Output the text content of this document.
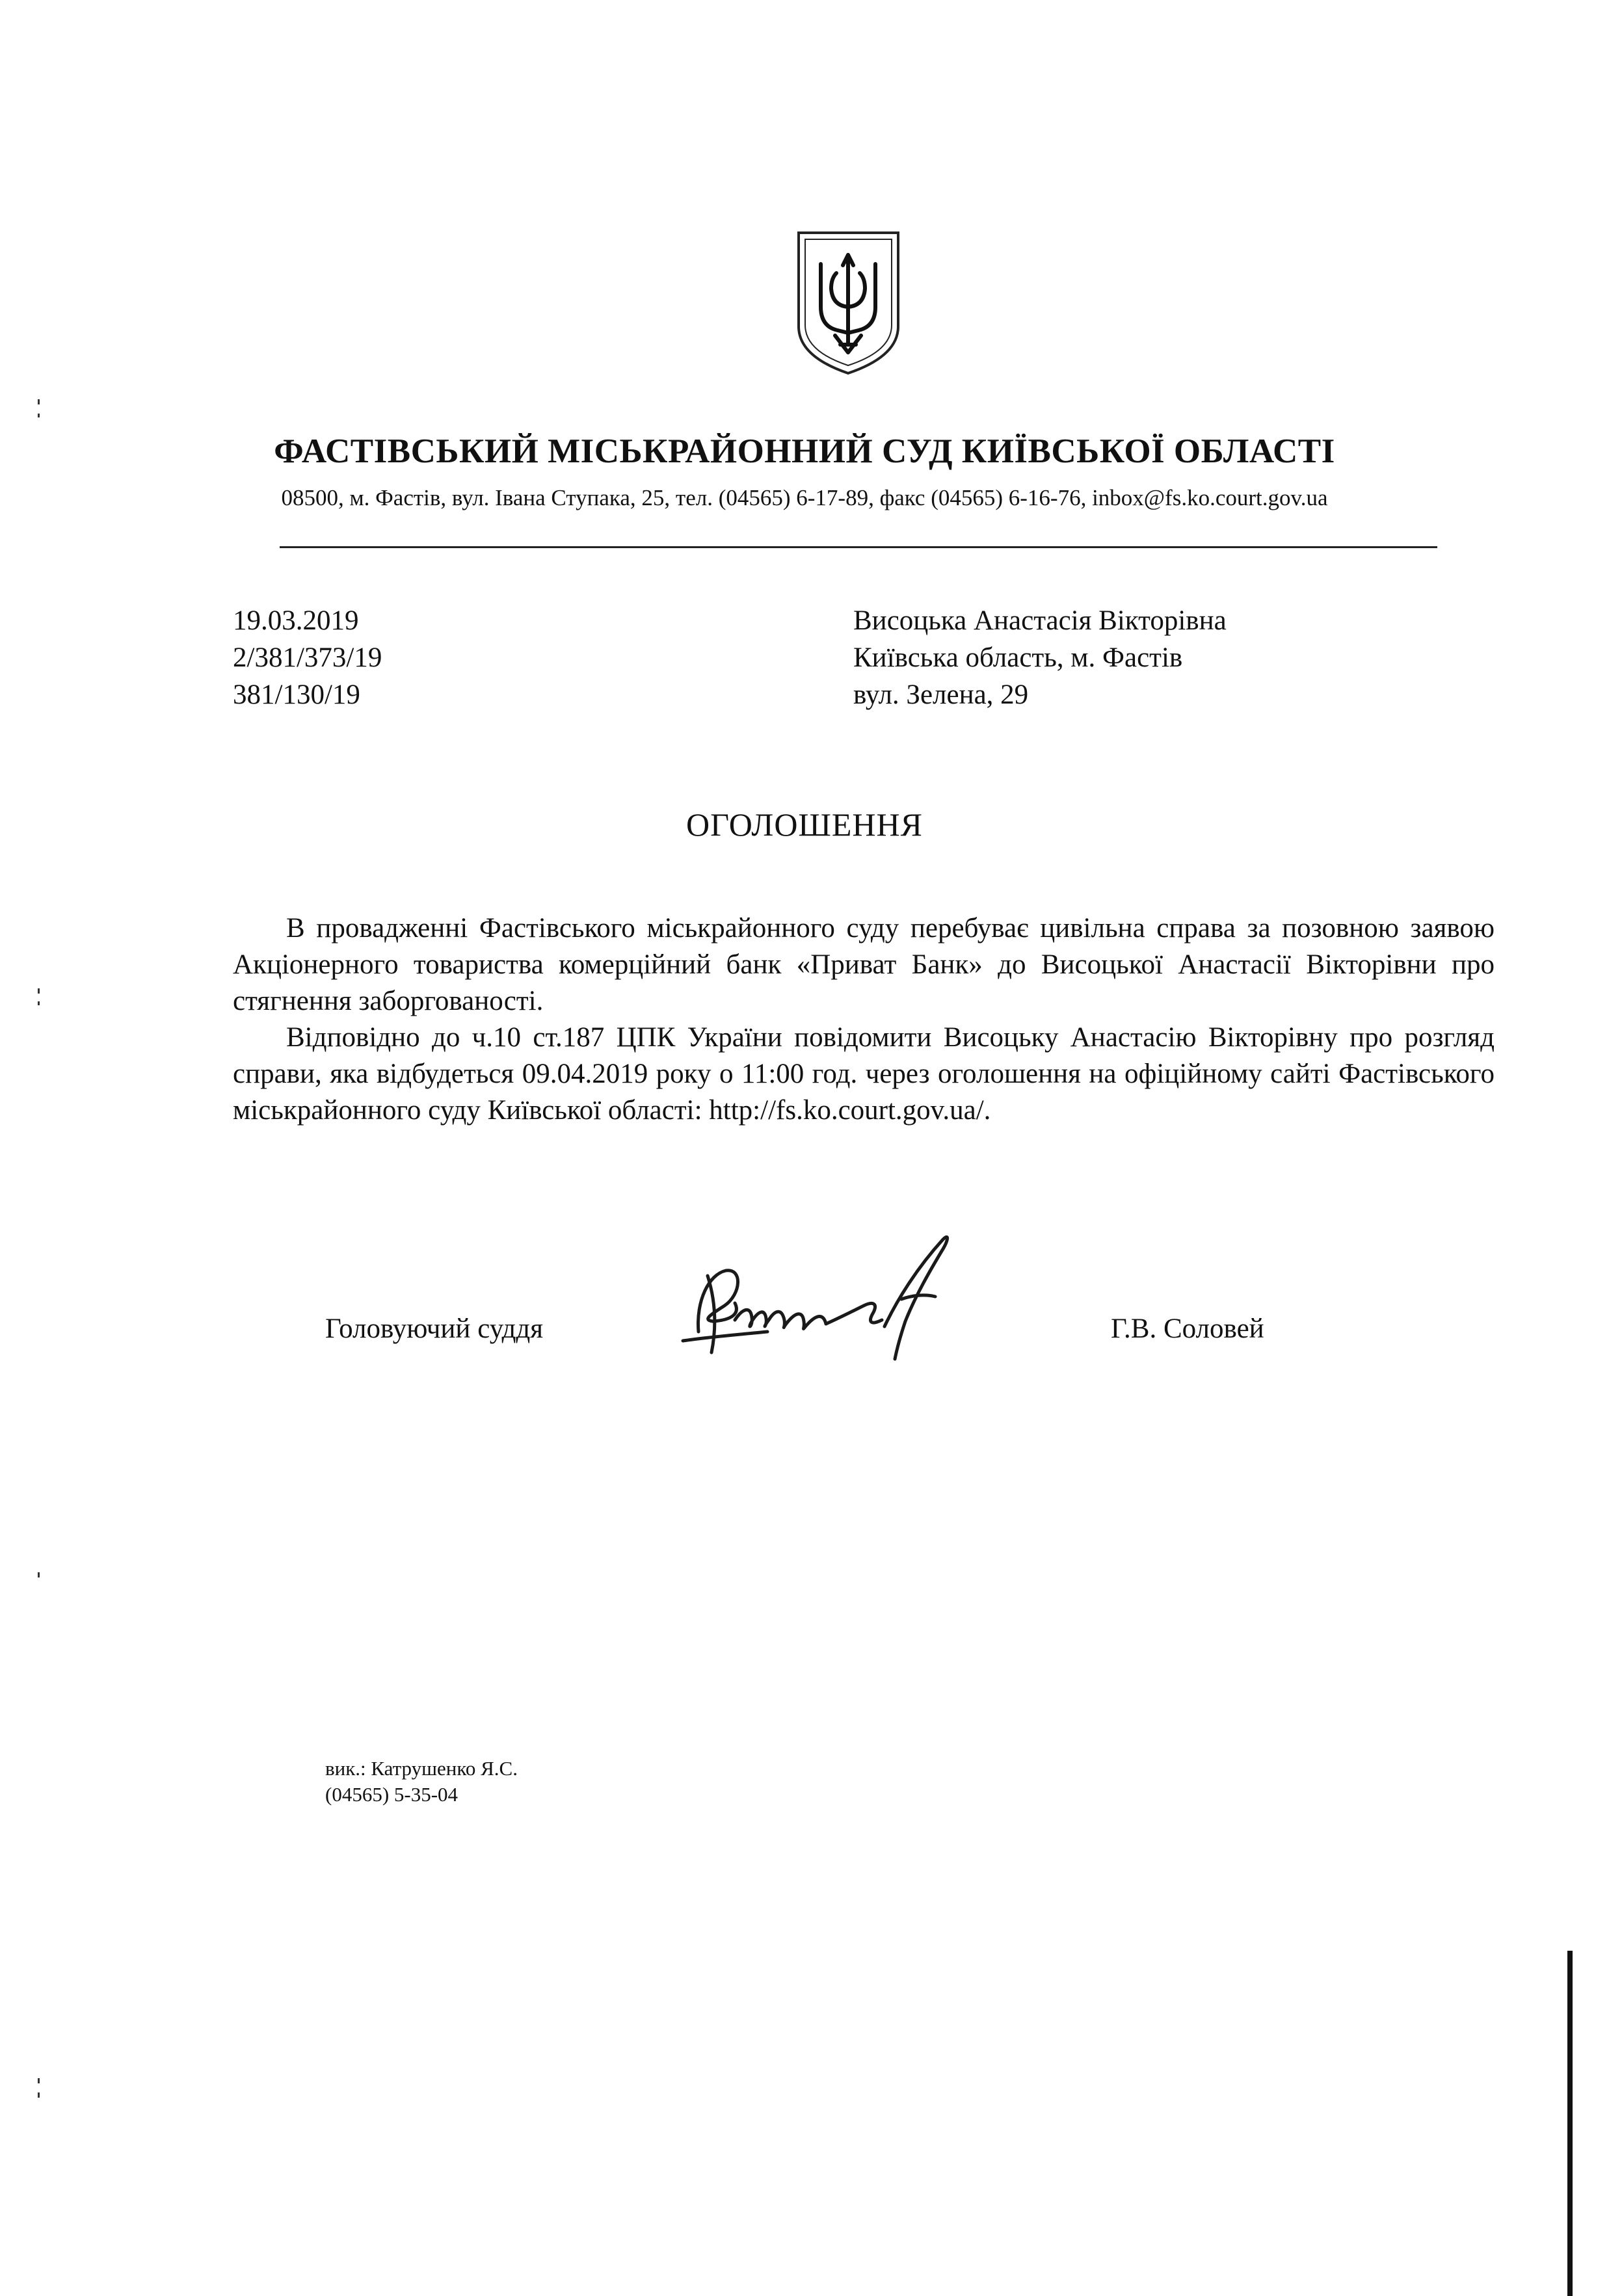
ФАСТІВСЬКИЙ МІСЬКРАЙОННИЙ СУД КИЇВСЬКОЇ ОБЛАСТІ
08500, м. Фастів, вул. Івана Ступака, 25, тел. (04565) 6-17-89, факс (04565) 6-16-76, inbox@fs.ko.court.gov.ua
19.03.2019
2/381/373/19
381/130/19
Висоцька Анастасія Вікторівна
Київська область, м. Фастів
вул. Зелена, 29
ОГОЛОШЕННЯ

В провадженні Фастівського міськрайонного суду перебуває цивільна справа за позовною заявою Акціонерного товариства комерційний банк «Приват Банк» до Висоцької Анастасії Вікторівни про стягнення заборгованості.

Відповідно до ч.10 ст.187 ЦПК України повідомити Висоцьку Анастасію Вікторівну про розгляд справи, яка відбудеться 09.04.2019 року о 11:00 год. через оголошення на офіційному сайті Фастівського міськрайонного суду Київської області: http://fs.ko.court.gov.ua/.

Головуючий суддя	Г.В. Соловей
вик.: Катрушенко Я.С.
(04565) 5-35-04
